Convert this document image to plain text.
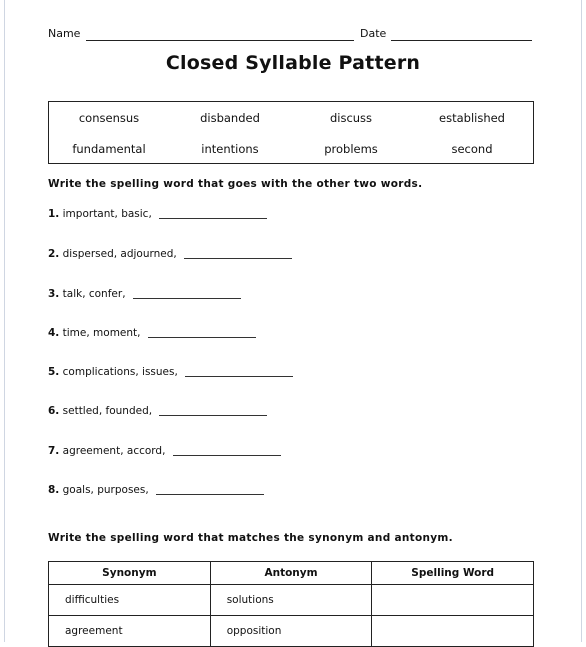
Name	Date
Closed Syllable Pattern
consensus	disbanded	discuss	established
fundamental	intentions	problems	second
Write the spelling word that goes with the other two words.
1. important, basic,
2. dispersed, adjourned,
3. talk, confer,
4. time, moment,
5. complications, issues,
6. settled, founded,
7. agreement, accord,
8. goals, purposes,
Write the spelling word that matches the synonym and antonym.
Synonym	Antonym	Spelling Word
difficulties	solutions	
agreement	opposition	
